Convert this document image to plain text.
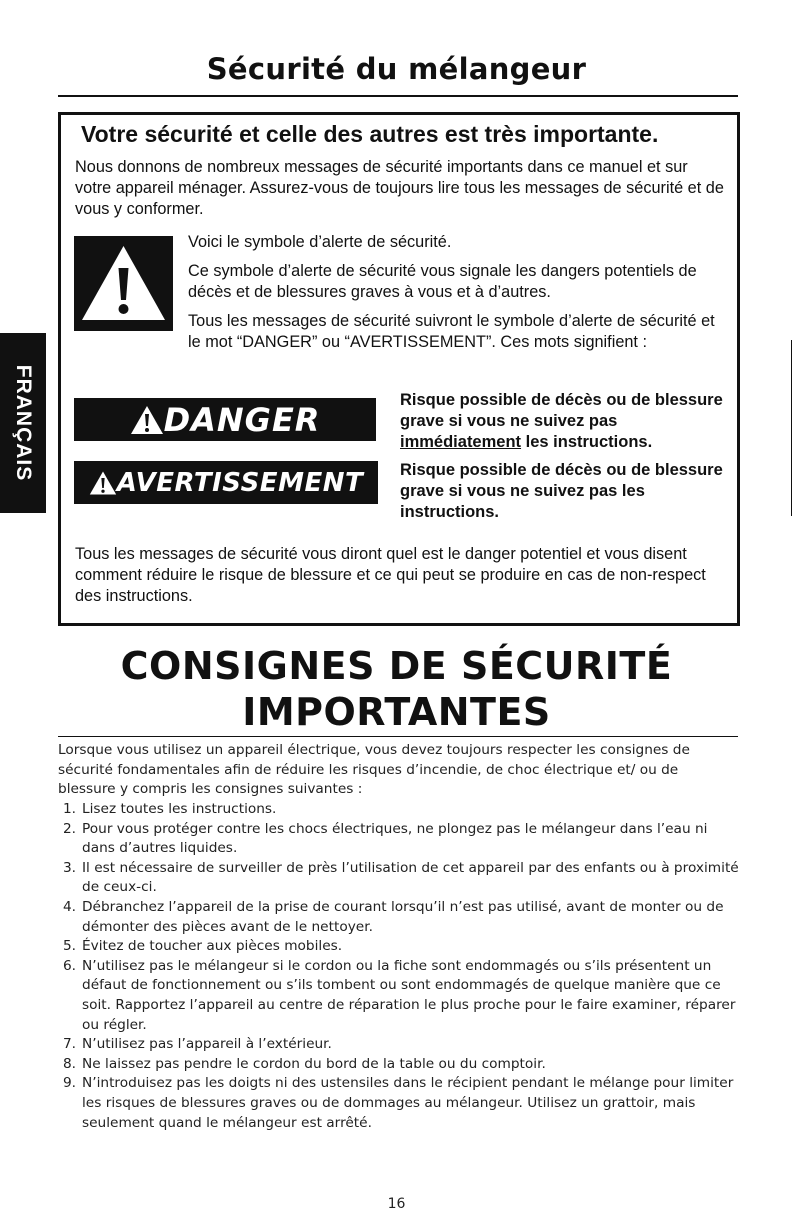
Sécurité du mélangeur
FRANÇAIS
Votre sécurité et celle des autres est très importante.
Nous donnons de nombreux messages de sécurité importants dans ce manuel et sur votre appareil ménager. Assurez-vous de toujours lire tous les messages de sécurité et de vous y conformer.

Voici le symbole d’alerte de sécurité.

Ce symbole d’alerte de sécurité vous signale les dangers potentiels de décès et de blessures graves à vous et à d’autres.

Tous les messages de sécurité suivront le symbole d’alerte de sécurité et le mot “DANGER” ou “AVERTISSEMENT”. Ces mots signifient :

DANGER
Risque possible de décès ou de blessure grave si vous ne suivez pas immédiatement les instructions.
AVERTISSEMENT Risque possible de décès ou de blessure grave si vous ne suivez pas les instructions.
Tous les messages de sécurité vous diront quel est le danger potentiel et vous disent comment réduire le risque de blessure et ce qui peut se produire en cas de non-respect des instructions.
CONSIGNES DE SÉCURITÉ
IMPORTANTES
Lorsque vous utilisez un appareil électrique, vous devez toujours respecter les consignes de sécurité fondamentales afin de réduire les risques d’incendie, de choc électrique et/ ou de blessure y compris les consignes suivantes :
1. Lisez toutes les instructions.
2. Pour vous protéger contre les chocs électriques, ne plongez pas le mélangeur dans l’eau ni dans d’autres liquides.
3. Il est nécessaire de surveiller de près l’utilisation de cet appareil par des enfants ou à proximité de ceux-ci.
4. Débranchez l’appareil de la prise de courant lorsqu’il n’est pas utilisé, avant de monter ou de démonter des pièces avant de le nettoyer.
5. Évitez de toucher aux pièces mobiles.
6. N’utilisez pas le mélangeur si le cordon ou la fiche sont endommagés ou s’ils présentent un défaut de fonctionnement ou s’ils tombent ou sont endommagés de quelque manière que ce soit. Rapportez l’appareil au centre de réparation le plus proche pour le faire examiner, réparer ou régler.
7. N’utilisez pas l’appareil à l’extérieur.
8. Ne laissez pas pendre le cordon du bord de la table ou du comptoir.
9. N’introduisez pas les doigts ni des ustensiles dans le récipient pendant le mélange pour limiter les risques de blessures graves ou de dommages au mélangeur. Utilisez un grattoir, mais seulement quand le mélangeur est arrêté.
16
